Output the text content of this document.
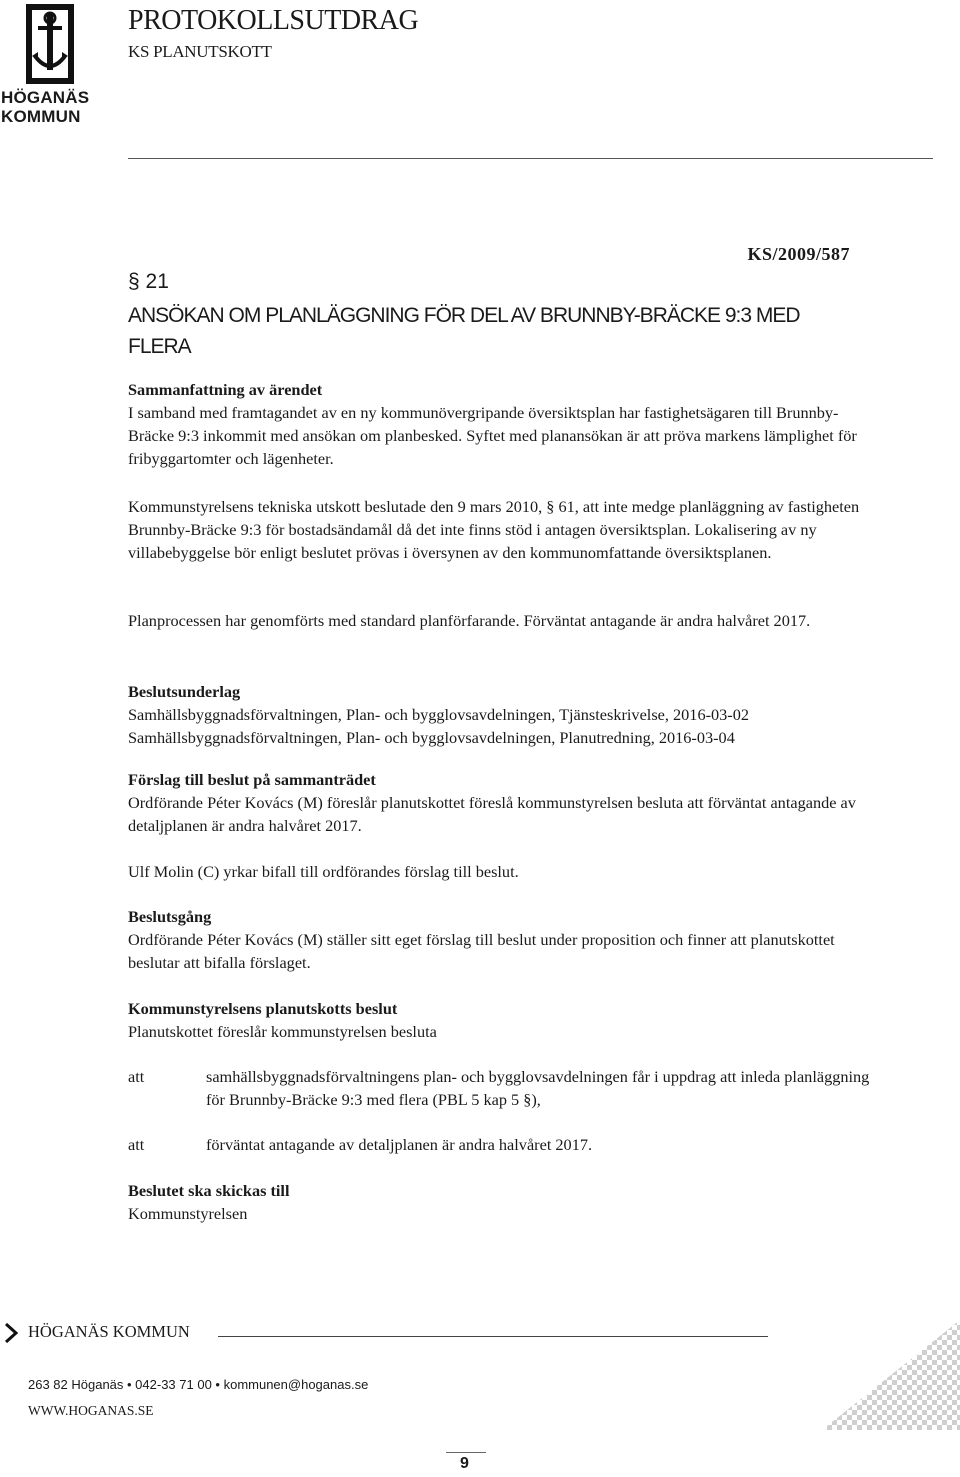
HÖGANÄS
KOMMUN
PROTOKOLLSUTDRAG
KS PLANUTSKOTT
KS/2009/587
§ 21
ANSÖKAN OM PLANLÄGGNING FÖR DEL AV BRUNNBY-BRÄCKE 9:3 MED FLERA

Sammanfattning av ärendet

I samband med framtagandet av en ny kommunövergripande översiktsplan har fastighetsägaren till Brunnby-Bräcke 9:3 inkommit med ansökan om planbesked. Syftet med planansökan är att pröva markens lämplighet för fribyggartomter och lägenheter.

Kommunstyrelsens tekniska utskott beslutade den 9 mars 2010, § 61, att inte medge planläggning av fastigheten Brunnby-Bräcke 9:3 för bostadsändamål då det inte finns stöd i antagen översiktsplan. Lokalisering av ny villabebyggelse bör enligt beslutet prövas i översynen av den kommunomfattande översiktsplanen.

Planprocessen har genomförts med standard planförfarande. Förväntat antagande är andra halvåret 2017.

Beslutsunderlag

Samhällsbyggnadsförvaltningen, Plan- och bygglovsavdelningen, Tjänsteskrivelse, 2016-03-02

Samhällsbyggnadsförvaltningen, Plan- och bygglovsavdelningen, Planutredning, 2016-03-04

Förslag till beslut på sammanträdet

Ordförande Péter Kovács (M) föreslår planutskottet föreslå kommunstyrelsen besluta att förväntat antagande av detaljplanen är andra halvåret 2017.

Ulf Molin (C) yrkar bifall till ordförandes förslag till beslut.

Beslutsgång

Ordförande Péter Kovács (M) ställer sitt eget förslag till beslut under proposition och finner att planutskottet beslutar att bifalla förslaget.

Kommunstyrelsens planutskotts beslut

Planutskottet föreslår kommunstyrelsen besluta

att	samhällsbyggnadsförvaltningens plan- och bygglovsavdelningen får i uppdrag att inleda planläggning för Brunnby-Bräcke 9:3 med flera (PBL 5 kap 5 §),
att	förväntat antagande av detaljplanen är andra halvåret 2017.

Beslutet ska skickas till

Kommunstyrelsen

HÖGANÄS KOMMUN
263 82 Höganäs • 042-33 71 00 • kommunen@hoganas.se
WWW.HOGANAS.SE
9
